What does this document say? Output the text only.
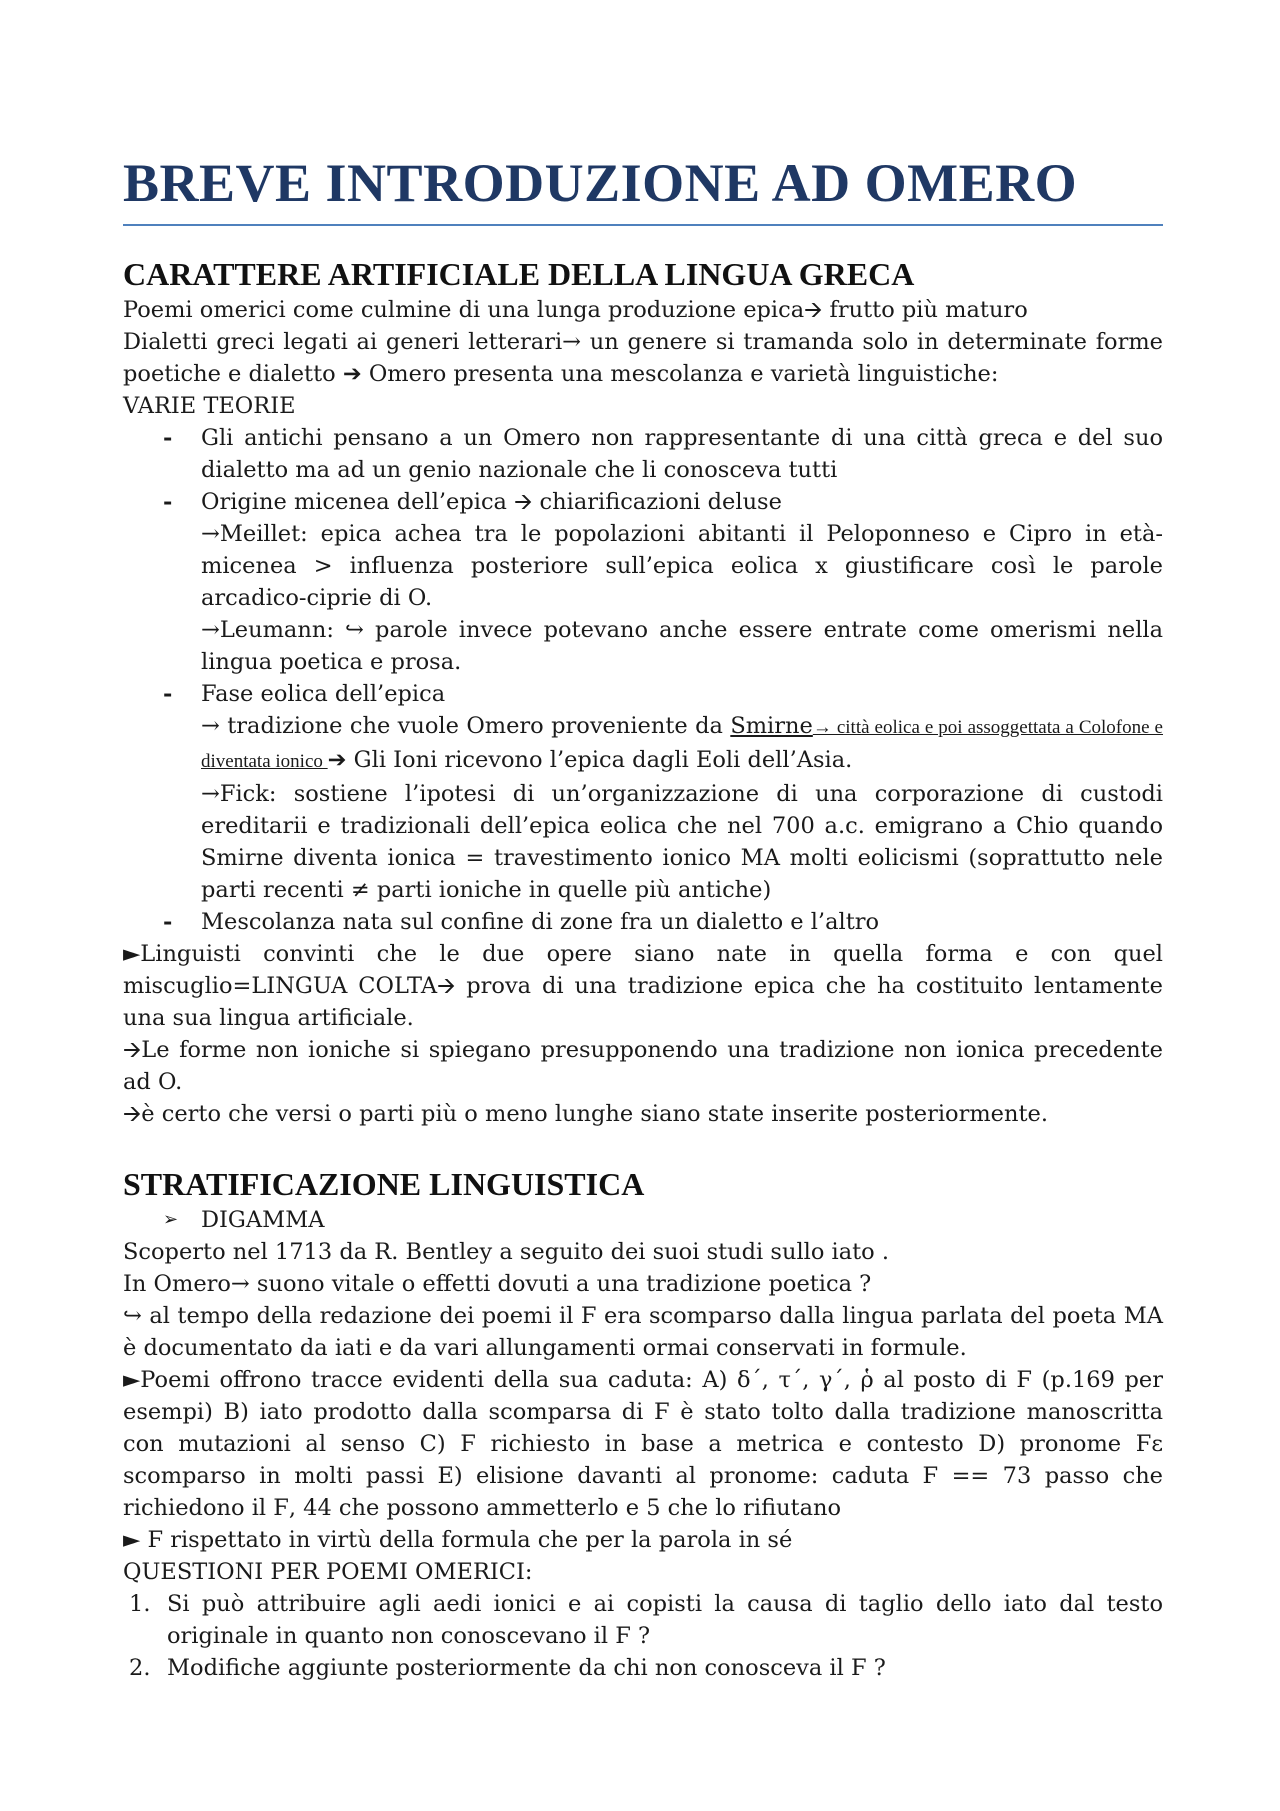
BREVE INTRODUZIONE AD OMERO
CARATTERE ARTIFICIALE DELLA LINGUA GRECA

Poemi omerici come culmine di una lunga produzione epica🡪 frutto più maturo

Dialetti greci legati ai generi letterari→ un genere si tramanda solo in determinate forme poetiche e dialetto ➔ Omero presenta una mescolanza e varietà linguistiche:

VARIE TEORIE

- Gli antichi pensano a un Omero non rappresentante di una città greca e del suo dialetto ma ad un genio nazionale che li conosceva tutti
- Origine micenea dell’epica 🡪 chiarificazioni deluse

→Meillet: epica achea tra le popolazioni abitanti il Peloponneso e Cipro in età-micenea > influenza posteriore sull’epica eolica x giustificare così le parole arcadico-ciprie di O.

→Leumann: ↪ parole invece potevano anche essere entrate come omerismi nella lingua poetica e prosa.

- Fase eolica dell’epica

→ tradizione che vuole Omero proveniente da Smirne→ città eolica e poi assoggettata a Colofone e diventata ionico ➔ Gli Ioni ricevono l’epica dagli Eoli dell’Asia.

→Fick: sostiene l’ipotesi di un’organizzazione di una corporazione di custodi ereditarii e tradizionali dell’epica eolica che nel 700 a.c. emigrano a Chio quando Smirne diventa ionica = travestimento ionico MA molti eolicismi (soprattutto nele parti recenti ≠ parti ioniche in quelle più antiche)

- Mescolanza nata sul confine di zone fra un dialetto e l’altro

►Linguisti convinti che le due opere siano nate in quella forma e con quel miscuglio=LINGUA COLTA🡪 prova di una tradizione epica che ha costituito lentamente una sua lingua artificiale.

🡪Le forme non ioniche si spiegano presupponendo una tradizione non ionica precedente ad O.

🡪è certo che versi o parti più o meno lunghe siano state inserite posteriormente.

STRATIFICAZIONE LINGUISTICA
➢ DIGAMMA

Scoperto nel 1713 da R. Bentley a seguito dei suoi studi sullo iato .

In Omero→ suono vitale o effetti dovuti a una tradizione poetica ?

↪ al tempo della redazione dei poemi il Ϝ era scomparso dalla lingua parlata del poeta MA è documentato da iati e da vari allungamenti ormai conservati in formule.

►Poemi offrono tracce evidenti della sua caduta: A) δ´, τ´, γ´, ῥ al posto di Ϝ (p.169 per esempi) B) iato prodotto dalla scomparsa di Ϝ è stato tolto dalla tradizione manoscritta con mutazioni al senso C) Ϝ richiesto in base a metrica e contesto D) pronome Ϝε scomparso in molti passi E) elisione davanti al pronome: caduta Ϝ == 73 passo che richiedono il Ϝ, 44 che possono ammetterlo e 5 che lo rifiutano

► Ϝ rispettato in virtù della formula che per la parola in sé

QUESTIONI PER POEMI OMERICI:

1. Si può attribuire agli aedi ionici e ai copisti la causa di taglio dello iato dal testo originale in quanto non conoscevano il Ϝ ?
2. Modifiche aggiunte posteriormente da chi non conosceva il Ϝ ?
